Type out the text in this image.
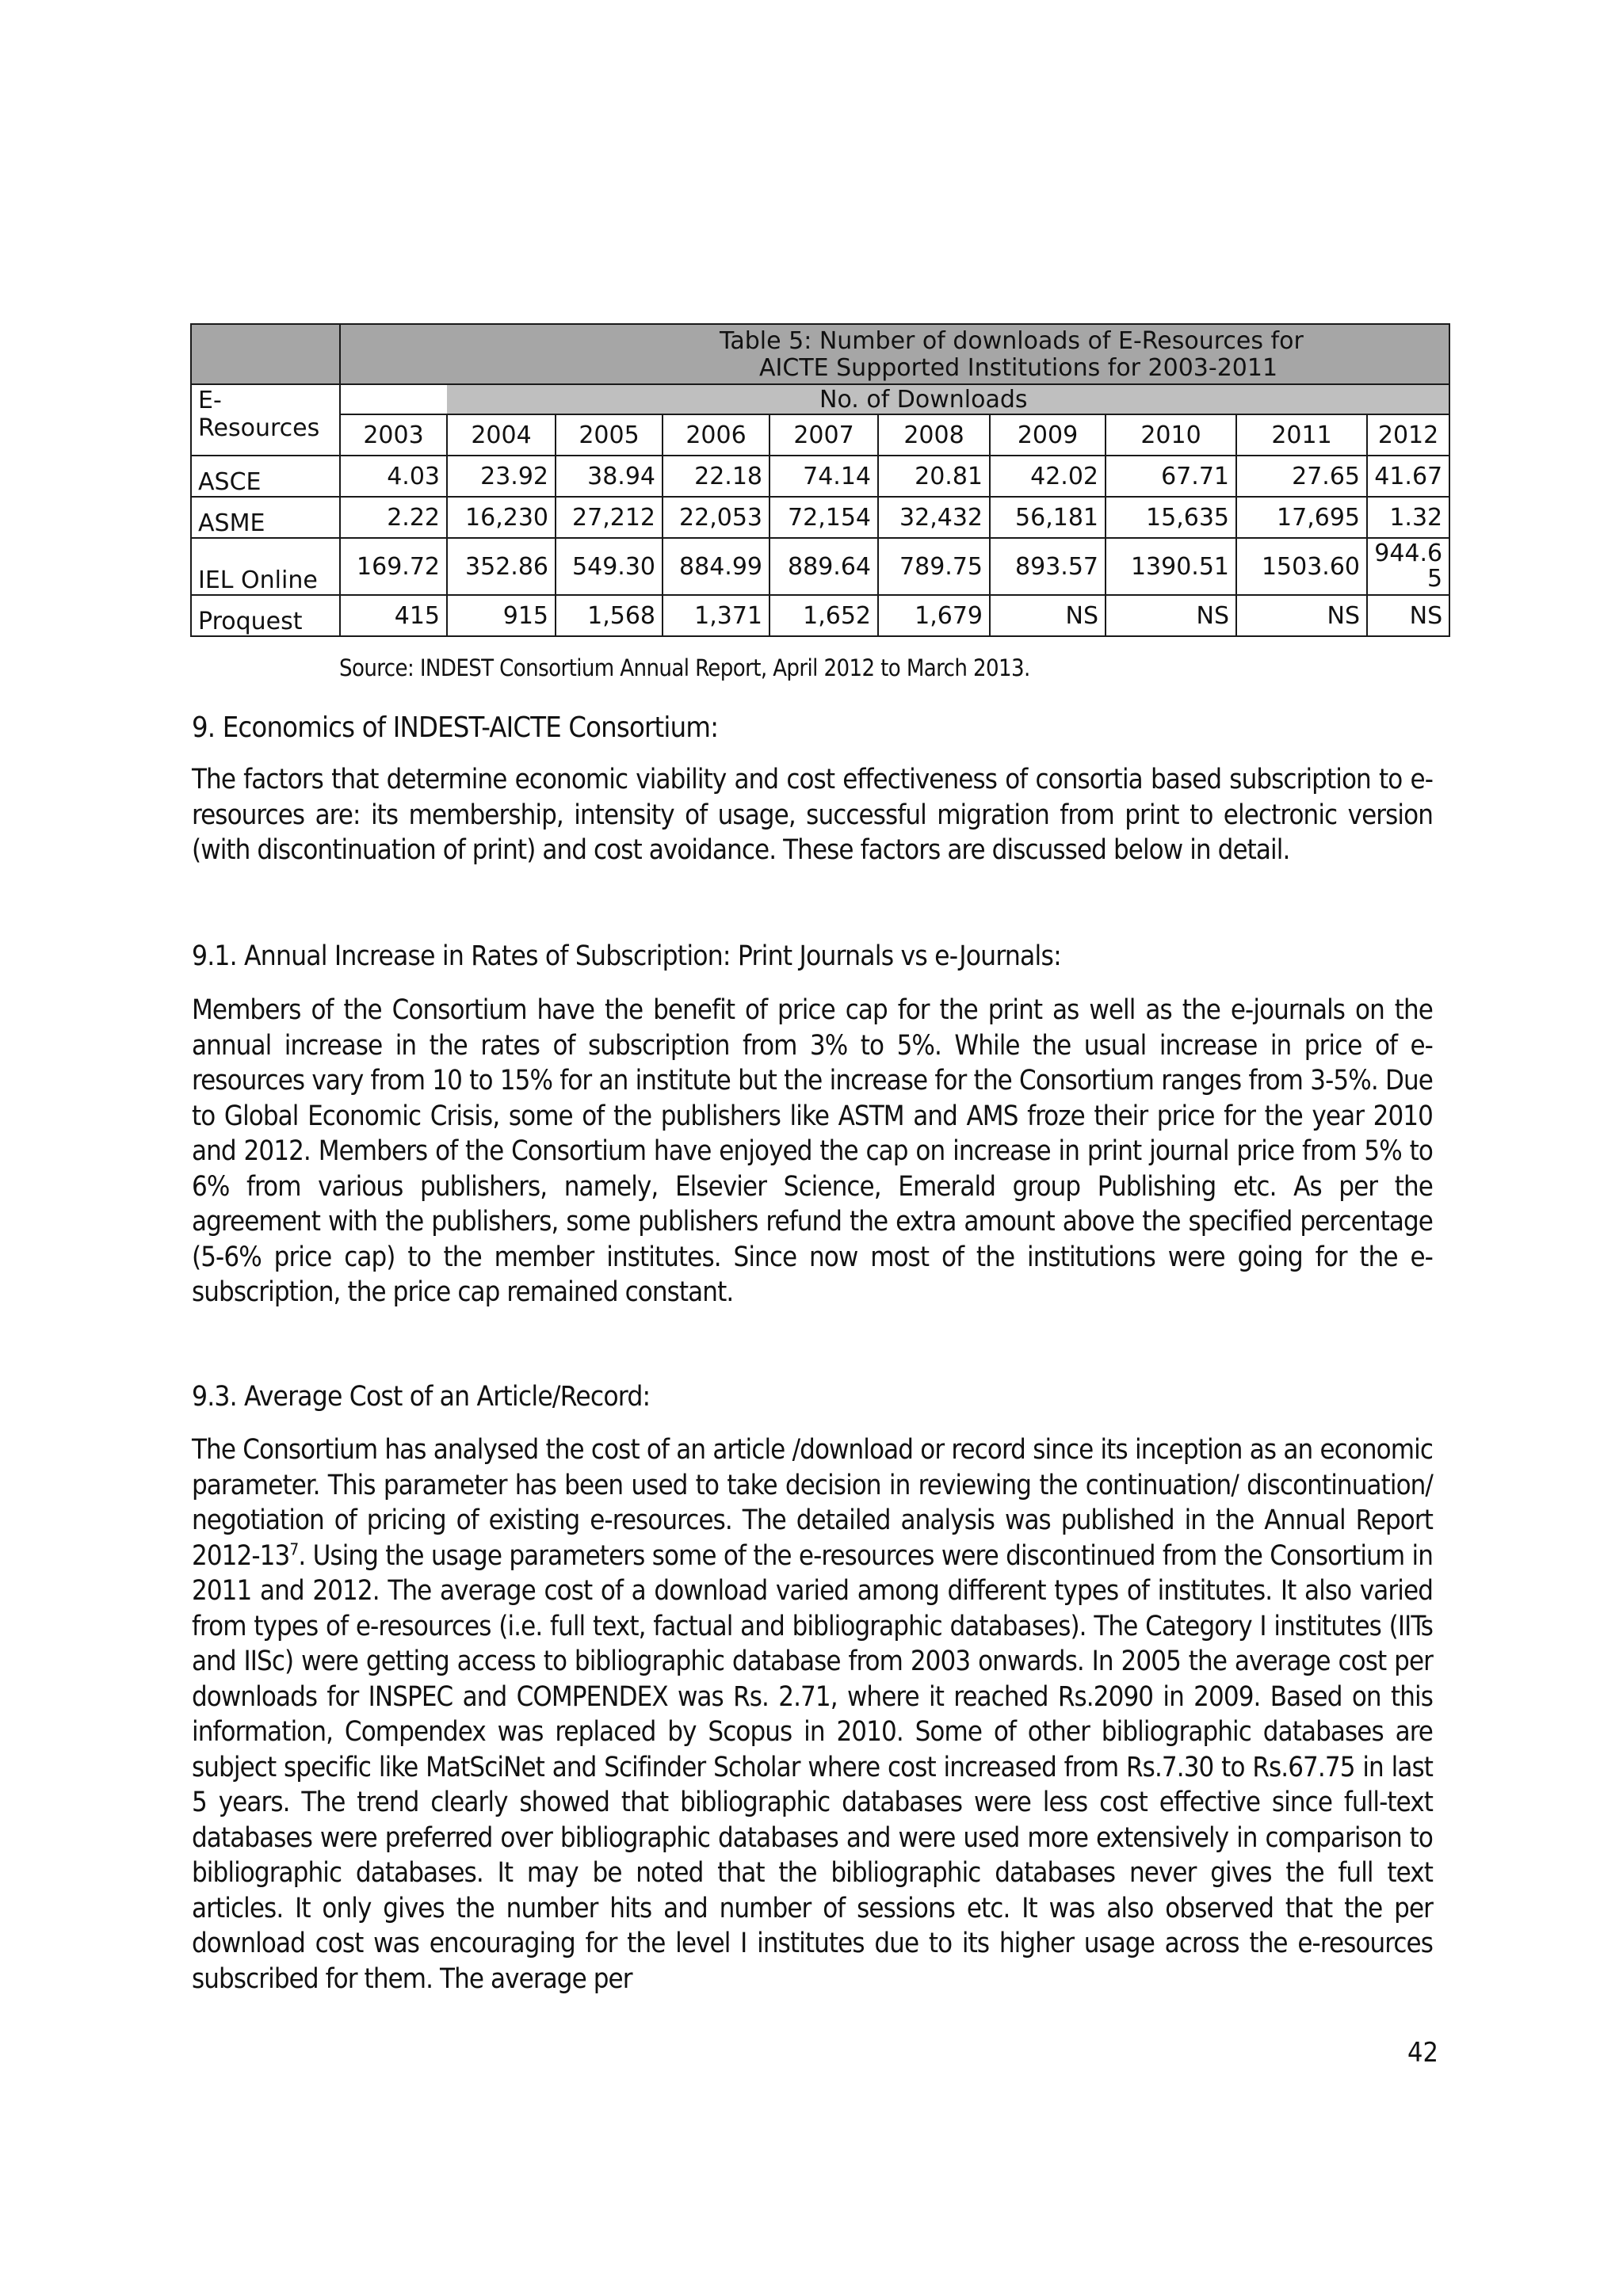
	Table 5: Number of downloads of E-Resources for
AICTE Supported Institutions for 2003-2011									

E-Resources		No. of Downloads								
	2003	2004	2005	2006	2007	2008	2009	2010	2011	2012
ASCE	4.03	23.92	38.94	22.18	74.14	20.81	42.02	67.71	27.65	41.67
ASME	2.22	16,230	27,212	22,053	72,154	32,432	56,181	15,635	17,695	1.32
IEL Online	169.72	352.86	549.30	884.99	889.64	789.75	893.57	1390.51	1503.60	944.6 5
Proquest	415	915	1,568	1,371	1,652	1,679	NS	NS	NS	NS
Source: INDEST Consortium Annual Report, April 2012 to March 2013.
9. Economics of INDEST-AICTE Consortium:

The factors that determine economic viability and cost effectiveness of consortia based subscription to e-resources are: its membership, intensity of usage, successful migration from print to electronic version (with discontinuation of print) and cost avoidance. These factors are discussed below in detail.

9.1. Annual Increase in Rates of Subscription: Print Journals vs e-Journals:

Members of the Consortium have the benefit of price cap for the print as well as the e-journals on the annual increase in the rates of subscription from 3% to 5%. While the usual increase in price of e-resources vary from 10 to 15% for an institute but the increase for the Consortium ranges from 3-5%. Due to Global Economic Crisis, some of the publishers like ASTM and AMS froze their price for the year 2010 and 2012. Members of the Consortium have enjoyed the cap on increase in print journal price from 5% to 6% from various publishers, namely, Elsevier Science, Emerald group Publishing etc. As per the agreement with the publishers, some publishers refund the extra amount above the specified percentage (5-6% price cap) to the member institutes. Since now most of the institutions were going for the e-subscription, the price cap remained constant.

9.3. Average Cost of an Article/Record:

The Consortium has analysed the cost of an article /download or record since its inception as an economic parameter. This parameter has been used to take decision in reviewing the continuation/ discontinuation/ negotiation of pricing of existing e-resources. The detailed analysis was published in the Annual Report $2012-13^7$. Using the usage parameters some of the e-resources were discontinued from the Consortium in 2011 and 2012. The average cost of a download varied among different types of institutes. It also varied from types of e-resources (i.e. full text, factual and bibliographic databases). The Category I institutes (IITs and IISc) were getting access to bibliographic database from 2003 onwards. In 2005 the average cost per downloads for INSPEC and COMPENDEX was Rs. 2.71, where it reached Rs.2090 in 2009. Based on this information, Compendex was replaced by Scopus in 2010. Some of other bibliographic databases are subject specific like MatSciNet and Scifinder Scholar where cost increased from Rs.7.30 to Rs.67.75 in last 5 years. The trend clearly showed that bibliographic databases were less cost effective since full-text databases were preferred over bibliographic databases and were used more extensively in comparison to bibliographic databases. It may be noted that the bibliographic databases never gives the full text articles. It only gives the number hits and number of sessions etc. It was also observed that the per download cost was encouraging for the level I institutes due to its higher usage across the e-resources subscribed for them. The average per

42
